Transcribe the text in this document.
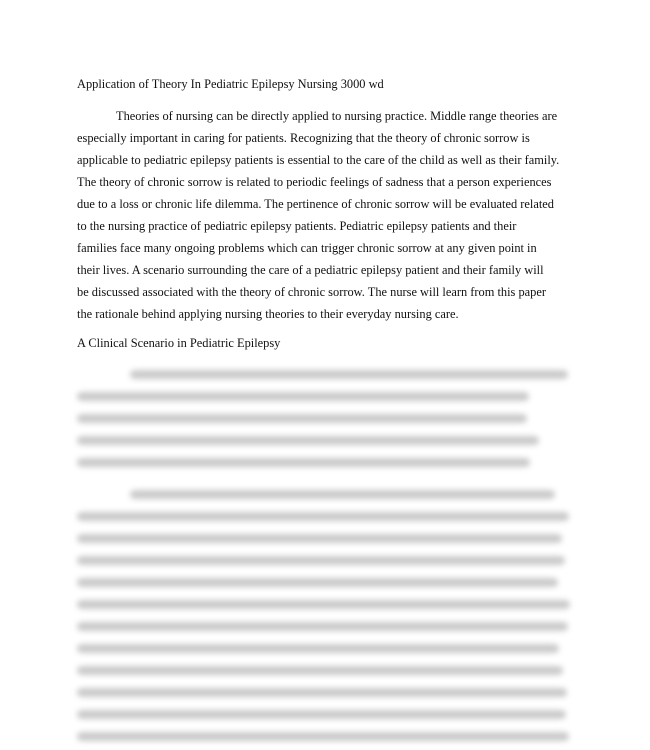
Application of Theory In Pediatric Epilepsy Nursing 3000 wd
Theories of nursing can be directly applied to nursing practice. Middle range theories are
especially important in caring for patients. Recognizing that the theory of chronic sorrow is
applicable to pediatric epilepsy patients is essential to the care of the child as well as their family.
The theory of chronic sorrow is related to periodic feelings of sadness that a person experiences
due to a loss or chronic life dilemma. The pertinence of chronic sorrow will be evaluated related
to the nursing practice of pediatric epilepsy patients. Pediatric epilepsy patients and their
families face many ongoing problems which can trigger chronic sorrow at any given point in
their lives. A scenario surrounding the care of a pediatric epilepsy patient and their family will
be discussed associated with the theory of chronic sorrow. The nurse will learn from this paper
the rationale behind applying nursing theories to their everyday nursing care.
A Clinical Scenario in Pediatric Epilepsy
